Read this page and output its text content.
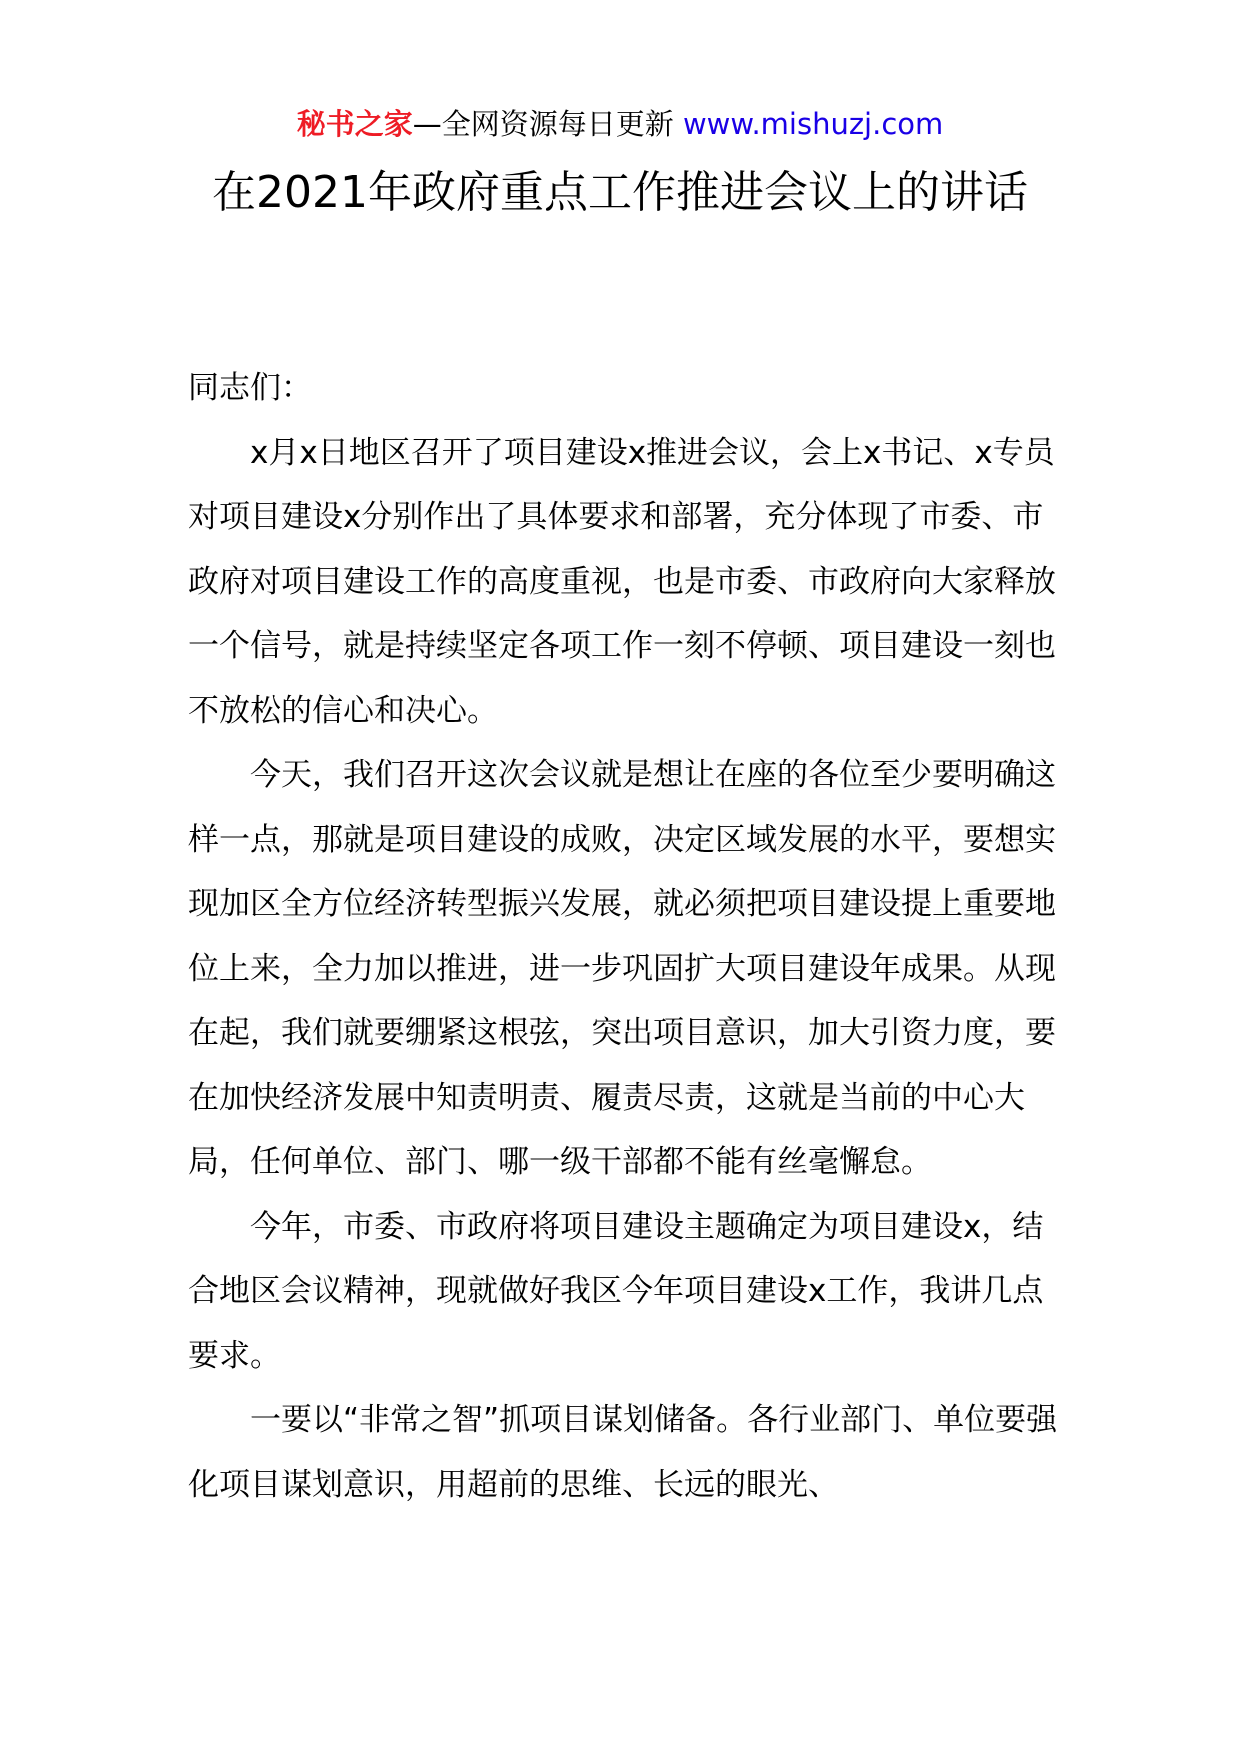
秘书之家—全网资源每日更新 www.mishuzj.com
在2021年政府重点工作推进会议上的讲话

同志们：

x月x日地区召开了项目建设x推进会议，会上x书记、x专员对项目建设x分别作出了具体要求和部署，充分体现了市委、市政府对项目建设工作的高度重视，也是市委、市政府向大家释放一个信号，就是持续坚定各项工作一刻不停顿、项目建设一刻也不放松的信心和决心。

今天，我们召开这次会议就是想让在座的各位至少要明确这样一点，那就是项目建设的成败，决定区域发展的水平，要想实现加区全方位经济转型振兴发展，就必须把项目建设提上重要地位上来，全力加以推进，进一步巩固扩大项目建设年成果。从现在起，我们就要绷紧这根弦，突出项目意识，加大引资力度，要在加快经济发展中知责明责、履责尽责，这就是当前的中心大局，任何单位、部门、哪一级干部都不能有丝毫懈怠。

今年，市委、市政府将项目建设主题确定为项目建设x，结合地区会议精神，现就做好我区今年项目建设x工作，我讲几点要求。

一要以“非常之智”抓项目谋划储备。各行业部门、单位要强化项目谋划意识，用超前的思维、长远的眼光、
